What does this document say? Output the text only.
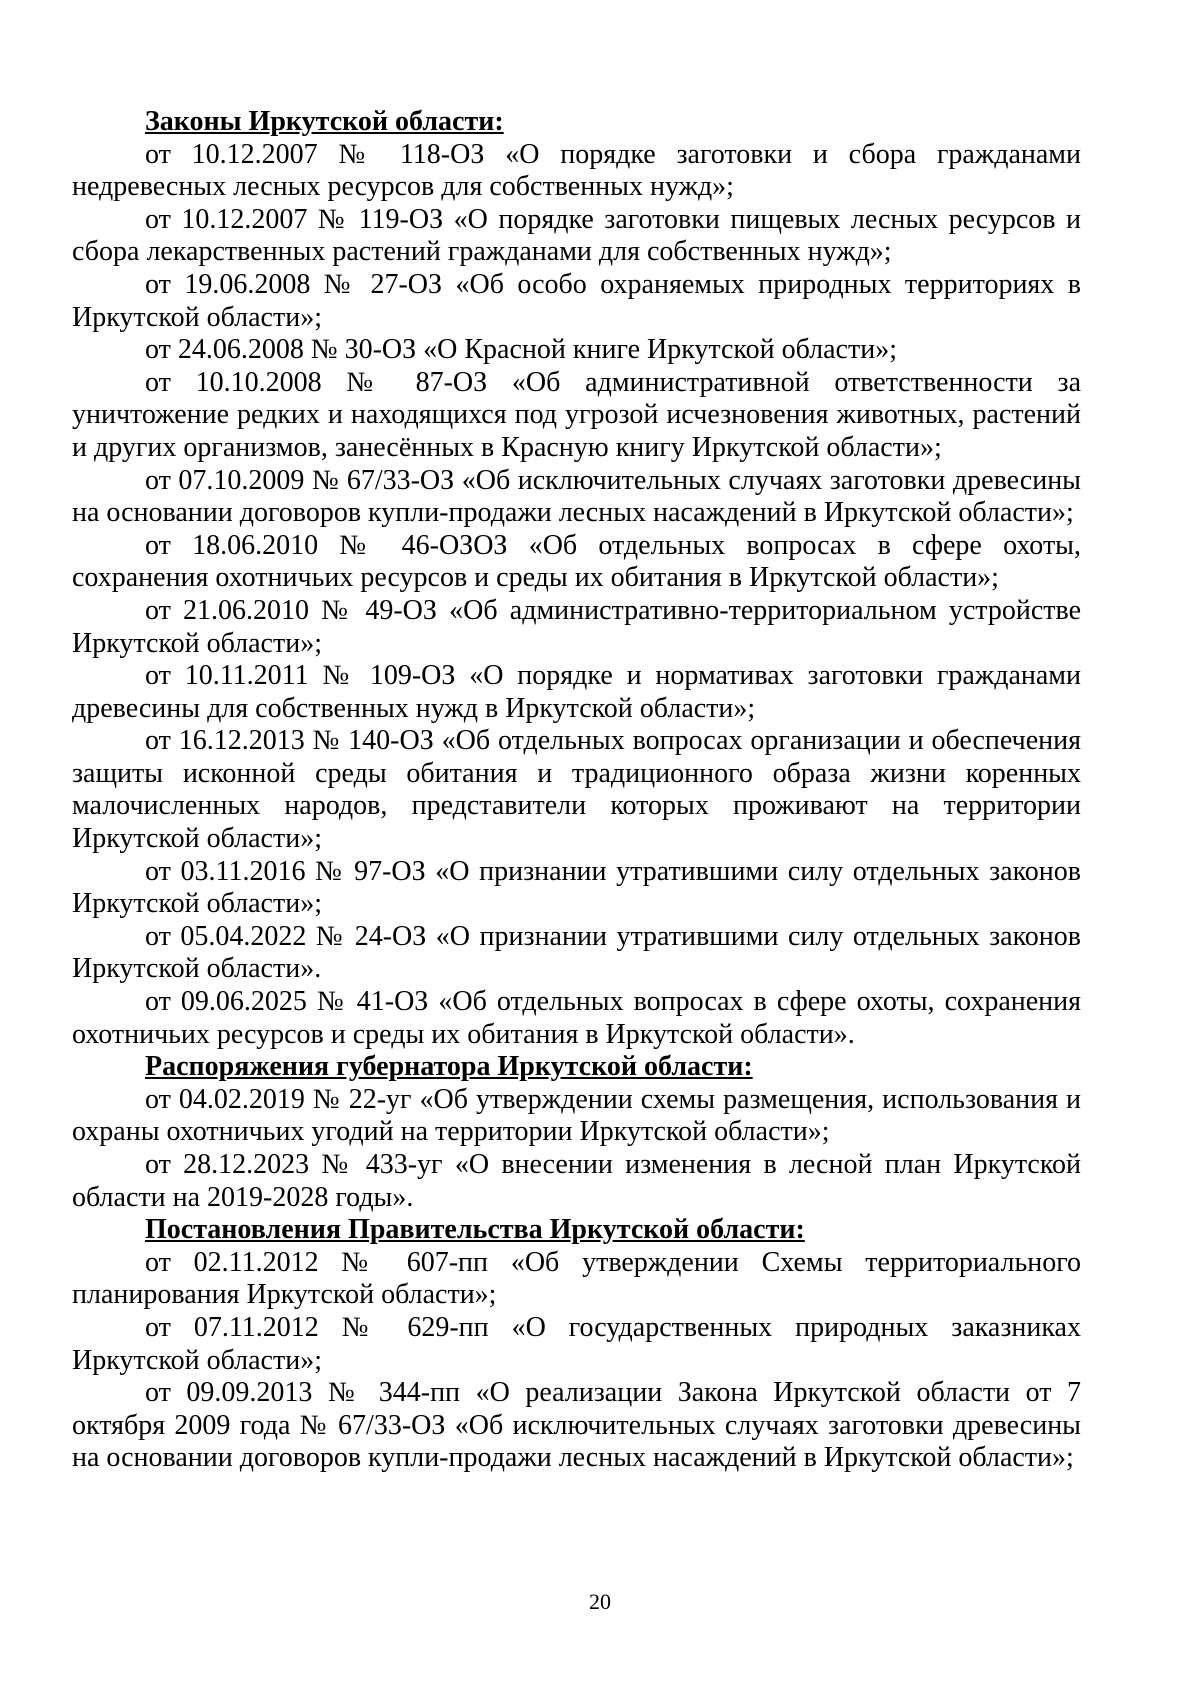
Законы Иркутской области:

от 10.12.2007 № 118-ОЗ «О порядке заготовки и сбора гражданами недревесных лесных ресурсов для собственных нужд»;

от 10.12.2007 № 119-ОЗ «О порядке заготовки пищевых лесных ресурсов и сбора лекарственных растений гражданами для собственных нужд»;

от 19.06.2008 № 27-ОЗ «Об особо охраняемых природных территориях в Иркутской области»;

от 24.06.2008 № 30-ОЗ «О Красной книге Иркутской области»;

от 10.10.2008 № 87-ОЗ «Об административной ответственности за уничтожение редких и находящихся под угрозой исчезновения животных, растений и других организмов, занесённых в Красную книгу Иркутской области»;

от 07.10.2009 № 67/33-ОЗ «Об исключительных случаях заготовки древесины на основании договоров купли-продажи лесных насаждений в Иркутской области»;

от 18.06.2010 № 46-ОЗОЗ «Об отдельных вопросах в сфере охоты, сохранения охотничьих ресурсов и среды их обитания в Иркутской области»;

от 21.06.2010 № 49-ОЗ «Об административно-территориальном устройстве Иркутской области»;

от 10.11.2011 № 109-ОЗ «О порядке и нормативах заготовки гражданами древесины для собственных нужд в Иркутской области»;

от 16.12.2013 № 140-ОЗ «Об отдельных вопросах организации и обеспечения защиты исконной среды обитания и традиционного образа жизни коренных малочисленных народов, представители которых проживают на территории Иркутской области»;

от 03.11.2016 № 97-ОЗ «О признании утратившими силу отдельных законов Иркутской области»;

от 05.04.2022 № 24-ОЗ «О признании утратившими силу отдельных законов Иркутской области».

от 09.06.2025 № 41-ОЗ «Об отдельных вопросах в сфере охоты, сохранения охотничьих ресурсов и среды их обитания в Иркутской области».

Распоряжения губернатора Иркутской области:

от 04.02.2019 № 22-уг «Об утверждении схемы размещения, использования и охраны охотничьих угодий на территории Иркутской области»;

от 28.12.2023 № 433-уг «О внесении изменения в лесной план Иркутской области на 2019-2028 годы».

Постановления Правительства Иркутской области:

от 02.11.2012 № 607-пп «Об утверждении Схемы территориального планирования Иркутской области»;

от 07.11.2012 № 629-пп «О государственных природных заказниках Иркутской области»;

от 09.09.2013 № 344-пп «О реализации Закона Иркутской области от 7 октября 2009 года № 67/33-ОЗ «Об исключительных случаях заготовки древесины на основании договоров купли-продажи лесных насаждений в Иркутской области»;

20
